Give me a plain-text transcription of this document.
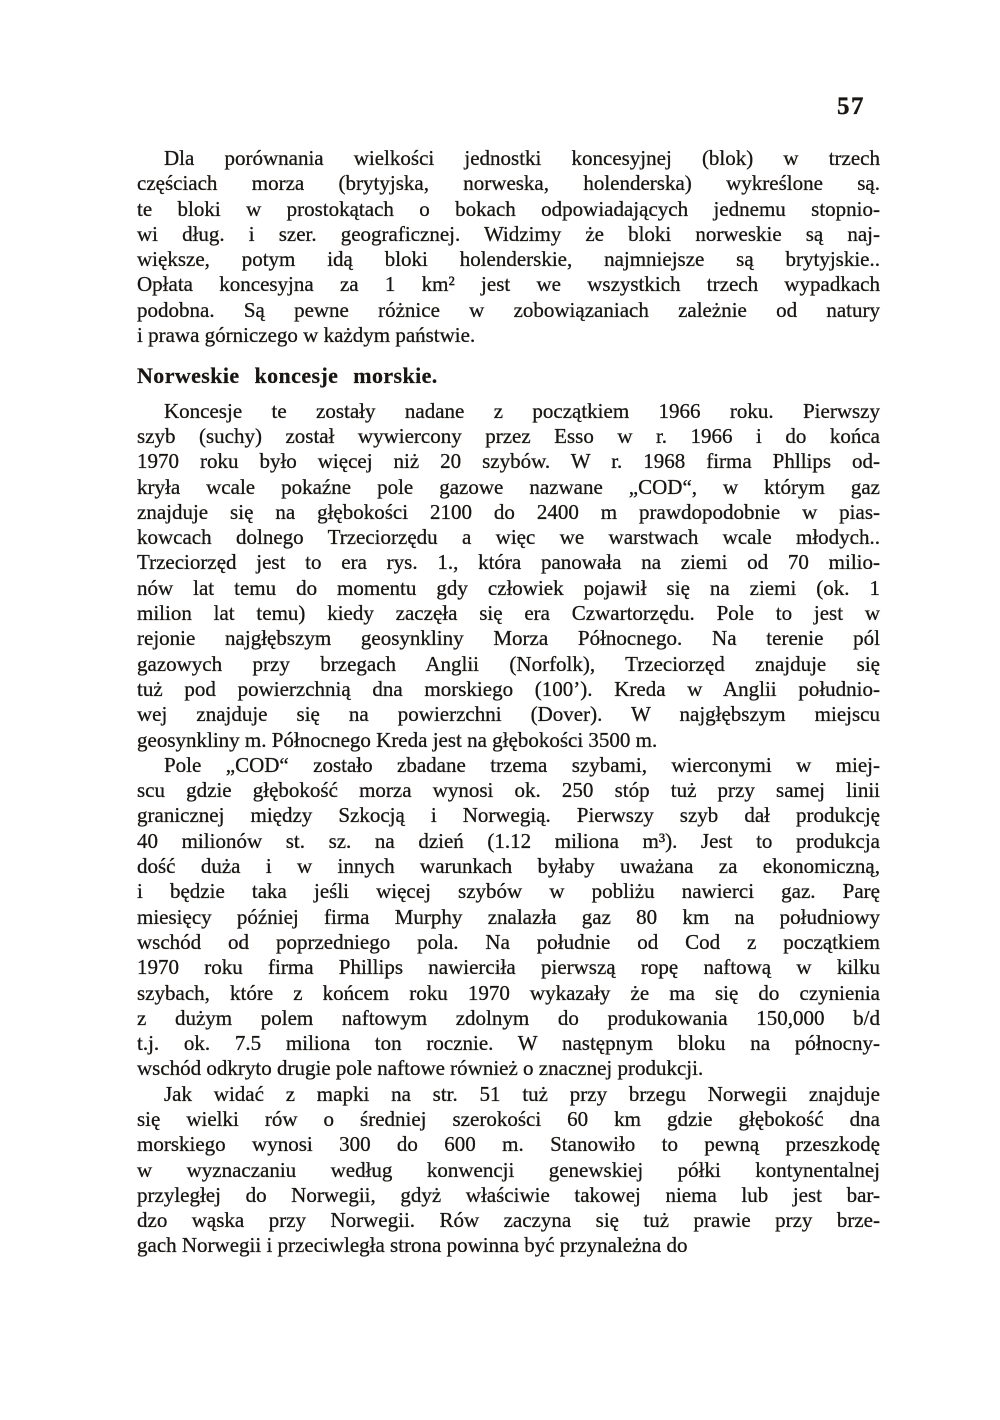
57
Dla porównania wielkości jednostki koncesyjnej (blok) w trzech
częściach morza (brytyjska, norweska, holenderska) wykreślone są.
te bloki w prostokątach o bokach odpowiadających jednemu stopnio-
wi dług. i szer. geograficznej. Widzimy że bloki norweskie są naj-
większe, potym idą bloki holenderskie, najmniejsze są brytyjskie..
Opłata koncesyjna za 1 km² jest we wszystkich trzech wypadkach
podobna. Są pewne różnice w zobowiązaniach zależnie od natury
i prawa górniczego w każdym państwie.
Norweskie koncesje morskie.
Koncesje te zostały nadane z początkiem 1966 roku. Pierwszy
szyb (suchy) został wywiercony przez Esso w r. 1966 i do końca
1970 roku było więcej niż 20 szybów. W r. 1968 firma Phllips od-
kryła wcale pokaźne pole gazowe nazwane „COD“, w którym gaz
znajduje się na głębokości 2100 do 2400 m prawdopodobnie w pias-
kowcach dolnego Trzeciorzędu a więc we warstwach wcale młodych..
Trzeciorzęd jest to era rys. 1., która panowała na ziemi od 70 milio-
nów lat temu do momentu gdy człowiek pojawił się na ziemi (ok. 1
milion lat temu) kiedy zaczęła się era Czwartorzędu. Pole to jest w
rejonie najgłębszym geosynkliny Morza Północnego. Na terenie pól
gazowych przy brzegach Anglii (Norfolk), Trzeciorzęd znajduje się
tuż pod powierzchnią dna morskiego (100’). Kreda w Anglii południo-
wej znajduje się na powierzchni (Dover). W najgłębszym miejscu
geosynkliny m. Północnego Kreda jest na głębokości 3500 m.
Pole „COD“ zostało zbadane trzema szybami, wierconymi w miej-
scu gdzie głębokość morza wynosi ok. 250 stóp tuż przy samej linii
granicznej między Szkocją i Norwegią. Pierwszy szyb dał produkcję
40 milionów st. sz. na dzień (1.12 miliona m³). Jest to produkcja
dość duża i w innych warunkach byłaby uważana za ekonomiczną,
i będzie taka jeśli więcej szybów w pobliżu nawierci gaz. Parę
miesięcy później firma Murphy znalazła gaz 80 km na południowy
wschód od poprzedniego pola. Na południe od Cod z początkiem
1970 roku firma Phillips nawierciła pierwszą ropę naftową w kilku
szybach, które z końcem roku 1970 wykazały że ma się do czynienia
z dużym polem naftowym zdolnym do produkowania 150,000 b/d
t.j. ok. 7.5 miliona ton rocznie. W następnym bloku na północny-
wschód odkryto drugie pole naftowe również o znacznej produkcji.
Jak widać z mapki na str. 51 tuż przy brzegu Norwegii znajduje
się wielki rów o średniej szerokości 60 km gdzie głębokość dna
morskiego wynosi 300 do 600 m. Stanowiło to pewną przeszkodę
w wyznaczaniu według konwencji genewskiej półki kontynentalnej
przyległej do Norwegii, gdyż właściwie takowej niema lub jest bar-
dzo wąska przy Norwegii. Rów zaczyna się tuż prawie przy brze-
gach Norwegii i przeciwległa strona powinna być przynależna do
